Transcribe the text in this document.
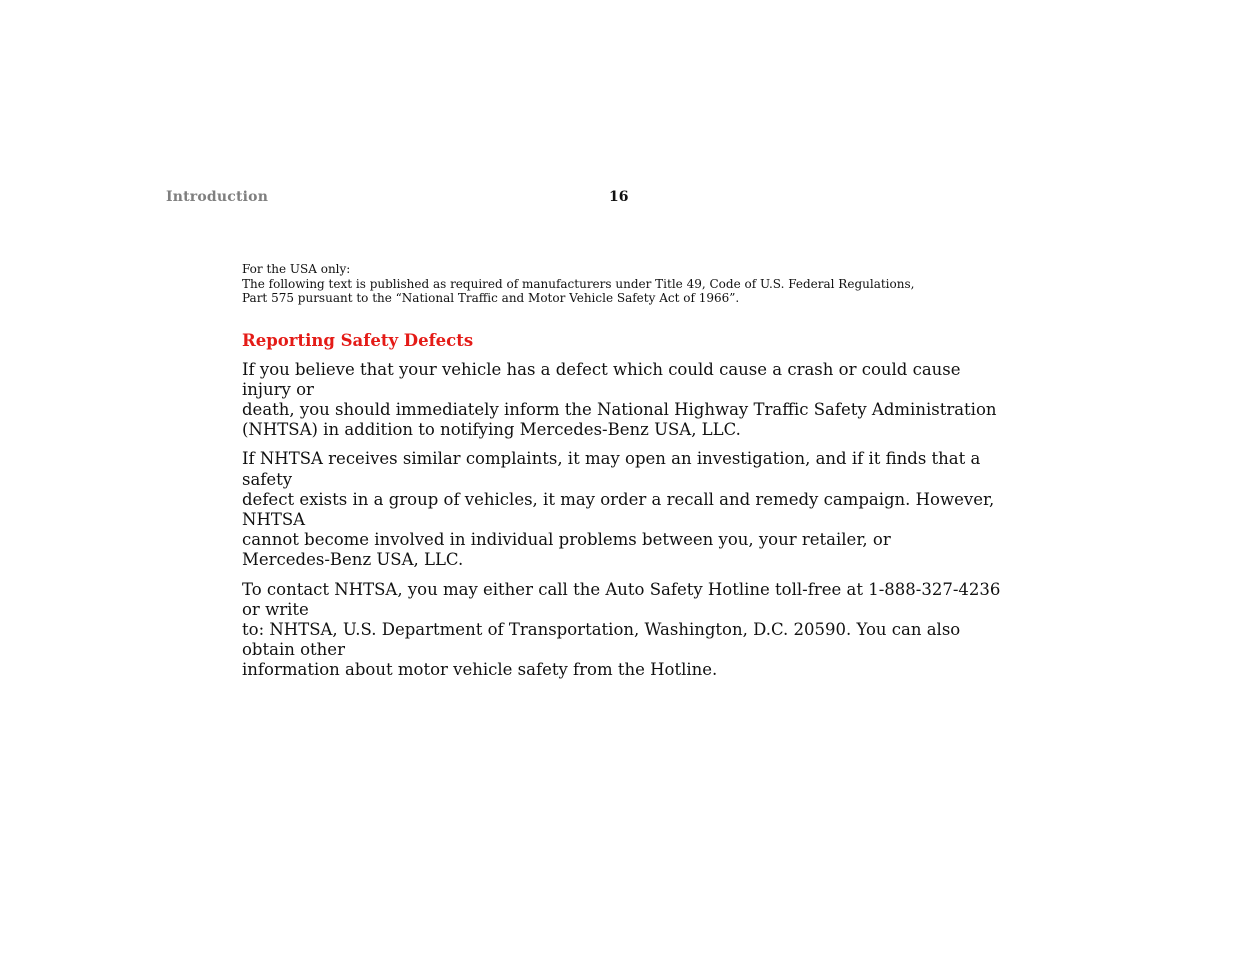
Introduction	16

For the USA only:
The following text is published as required of manufacturers under Title 49, Code of U.S. Federal Regulations,
Part 575 pursuant to the “National Traffic and Motor Vehicle Safety Act of 1966”.

Reporting Safety Defects

If you believe that your vehicle has a defect which could cause a crash or could cause injury or
death, you should immediately inform the National Highway Traffic Safety Administration
(NHTSA) in addition to notifying Mercedes-Benz USA, LLC.

If NHTSA receives similar complaints, it may open an investigation, and if it finds that a safety
defect exists in a group of vehicles, it may order a recall and remedy campaign. However, NHTSA
cannot become involved in individual problems between you, your retailer, or
Mercedes-Benz USA, LLC.

To contact NHTSA, you may either call the Auto Safety Hotline toll-free at 1-888-327-4236 or write
to: NHTSA, U.S. Department of Transportation, Washington, D.C. 20590. You can also obtain other
information about motor vehicle safety from the Hotline.
